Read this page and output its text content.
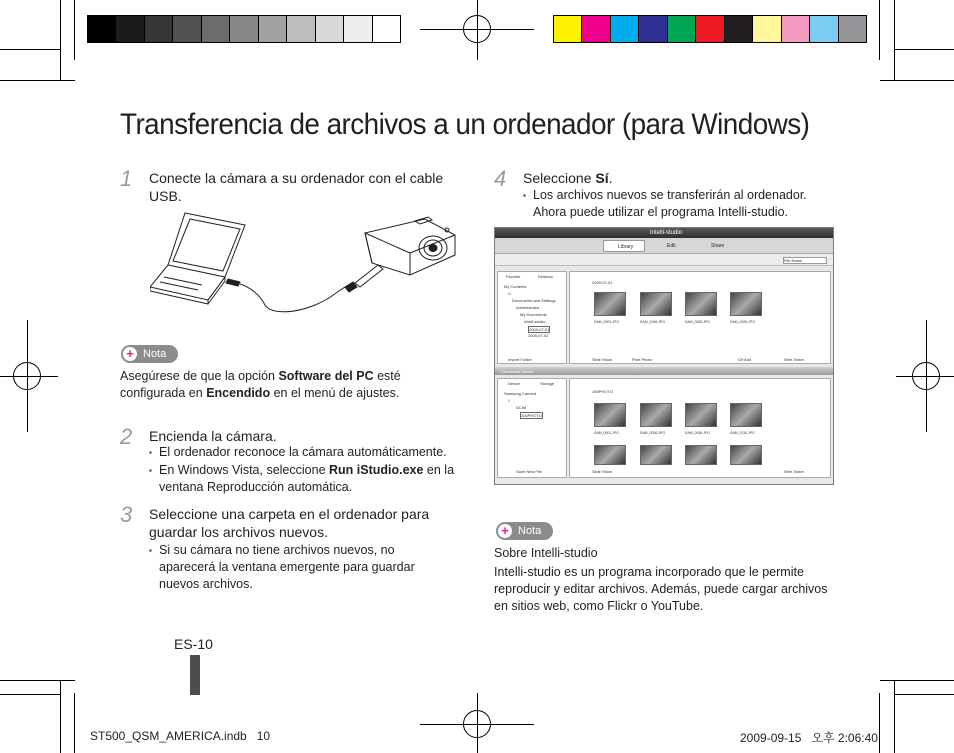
Transferencia de archivos a un ordenador (para Windows)
1 Conecte la cámara a su ordenador con el cable USB.
+ Nota
Asegúrese de que la opción Software del PC esté configurada en Encendido en el menú de ajustes.
2 Encienda la cámara.
▪ El ordenador reconoce la cámara automáticamente.
▪ En Windows Vista, seleccione Run iStudio.exe en la ventana Reproducción automática.
3 Seleccione una carpeta en el ordenador para guardar los archivos nuevos.
▪ Si su cámara no tiene archivos nuevos, no aparecerá la ventana emergente para guardar nuevos archivos.
ES-10
4 Seleccione Sí.
▪ Los archivos nuevos se transferirán al ordenador. Ahora puede utilizar el programa Intelli-studio.
Intelli-studio
Library	Edit	Share
File Name
Favorite	Desktop
My Contents
C:
Documents and Settings
Administrator
My Documents
Intelli-studio
2009-07-01
2009-07-02
Import Folder
2009-07-01
SAM_0001.JPG	SAM_0036.JPG	SAM_0035.JPG	SAM_0026.JPG
Slide Show	Print Photo	Gif Add	Web Share
Connected Device
Device	Storage
Samsung Camera
I:
DCIM
100PHOTO
Save New File
100PHOTO
SAM_0001.JPG	SAM_0036.JPG	SAM_0035.JPG	SAM_0116.JPG
Slide Show	Web Share
+ Nota
Sobre Intelli-studio
Intelli-studio es un programa incorporado que le permite reproducir y editar archivos. Además, puede cargar archivos en sitios web, como Flickr o YouTube.
ST500_QSM_AMERICA.indb   10	2009-09-15   오후 2:06:40
